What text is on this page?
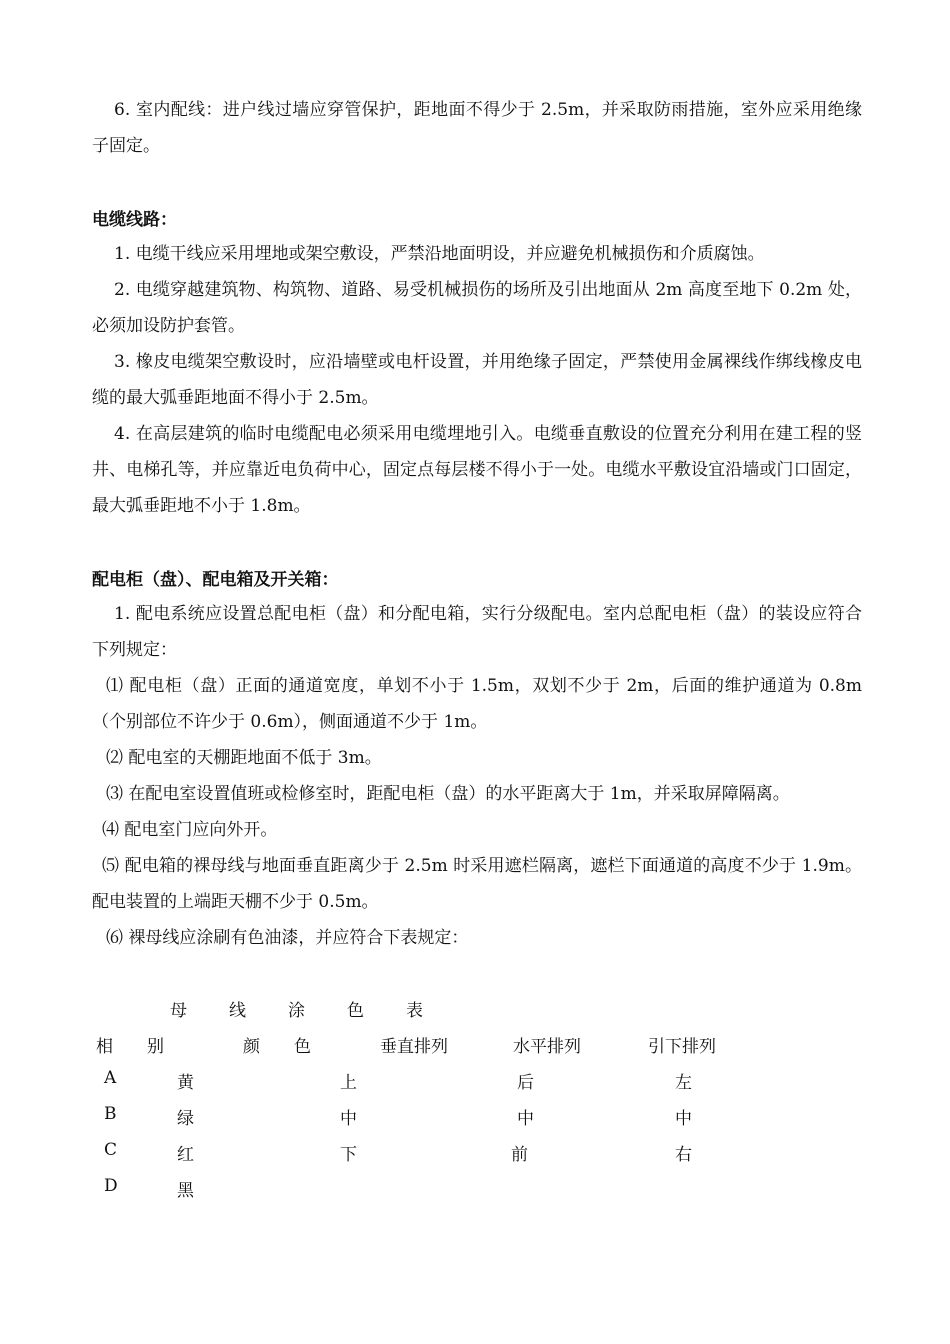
6. 室内配线：进户线过墙应穿管保护，距地面不得少于 2.5m，并采取防雨措施，室外应采用绝缘子固定。

电缆线路：

1. 电缆干线应采用埋地或架空敷设，严禁沿地面明设，并应避免机械损伤和介质腐蚀。

2. 电缆穿越建筑物、构筑物、道路、易受机械损伤的场所及引出地面从 2m 高度至地下 0.2m 处，必须加设防护套管。

3. 橡皮电缆架空敷设时，应沿墙壁或电杆设置，并用绝缘子固定，严禁使用金属裸线作绑线橡皮电缆的最大弧垂距地面不得小于 2.5m。

4. 在高层建筑的临时电缆配电必须采用电缆埋地引入。电缆垂直敷设的位置充分利用在建工程的竖井、电梯孔等，并应靠近电负荷中心，固定点每层楼不得小于一处。电缆水平敷设宜沿墙或门口固定，最大弧垂距地不小于 1.8m。

配电柜（盘）、配电箱及开关箱：

1. 配电系统应设置总配电柜（盘）和分配电箱，实行分级配电。室内总配电柜（盘）的装设应符合下列规定：

⑴ 配电柜（盘）正面的通道宽度，单划不小于 1.5m，双划不少于 2m，后面的维护通道为 0.8m（个别部位不许少于 0.6m），侧面通道不少于 1m。

⑵ 配电室的天棚距地面不低于 3m。

⑶ 在配电室设置值班或检修室时，距配电柜（盘）的水平距离大于 1m，并采取屏障隔离。

⑷ 配电室门应向外开。

⑸ 配电箱的裸母线与地面垂直距离少于 2.5m 时采用遮栏隔离，遮栏下面通道的高度不少于 1.9m。配电装置的上端距天棚不少于 0.5m。

⑹ 裸母线应涂刷有色油漆，并应符合下表规定：

母 线 涂 色 表

相　　别	颜　　色	垂直排列	水平排列	引下排列

A	黄	上	后	左

B	绿	中	中	中

C	红	下	前	右

D	黑
